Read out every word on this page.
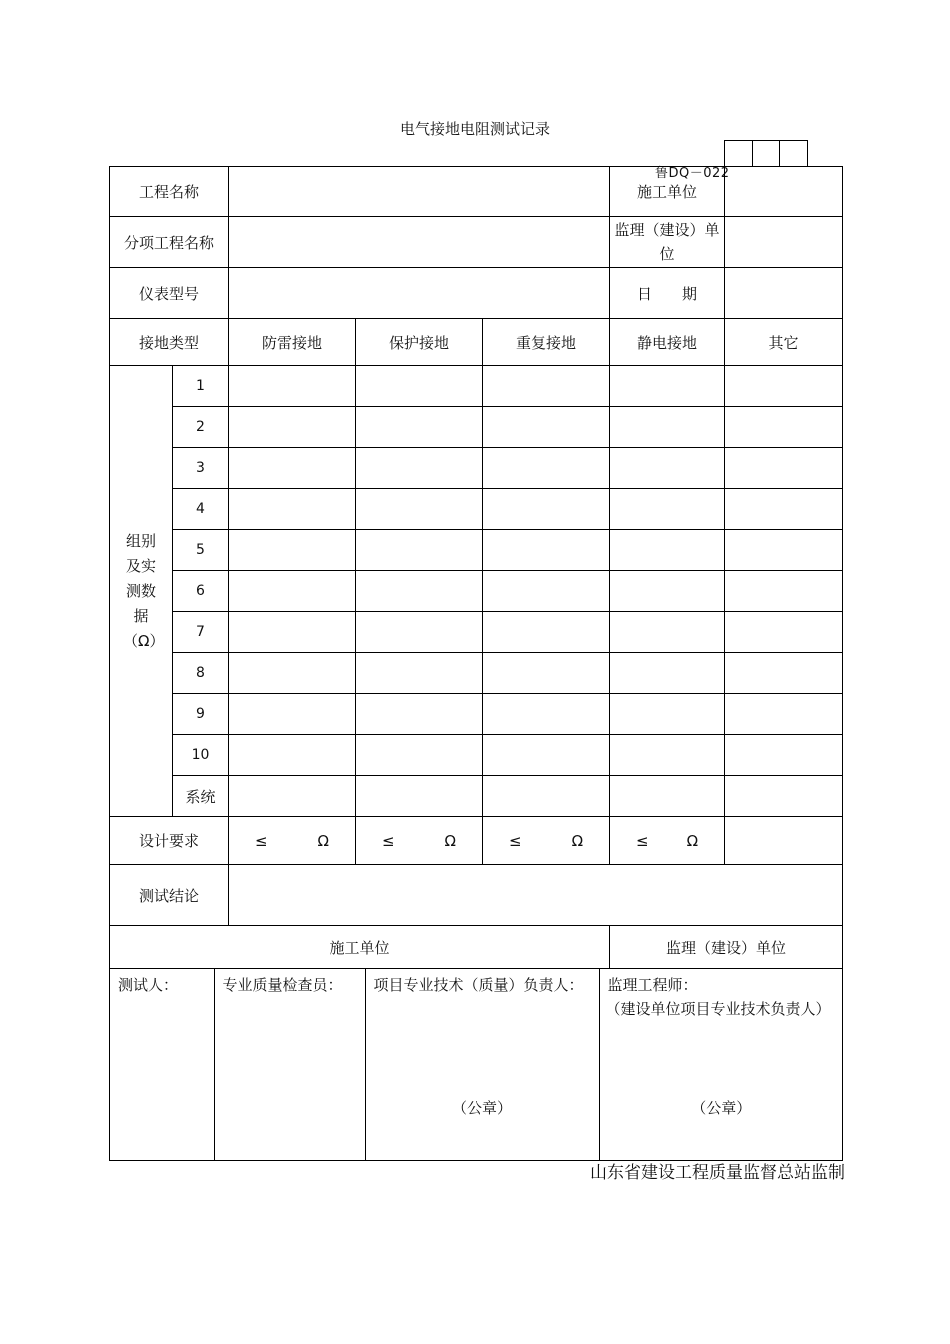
电气接地电阻测试记录
鲁DQ－022
工程名称		施工单位	
分项工程名称		监理（建设）单位	
仪表型号		日　　期	
接地类型	防雷接地	保护接地	重复接地	静电接地	其它
组别及实测数据（Ω）	1					
2					
3					
4					
5					
6					
7					
8					
9					
10					
系统					
设计要求	≤	Ω	≤	Ω	≤	Ω	≤	Ω

测试结论	
施工单位	监理（建设）单位

测试人：	专业质量检查员：	项目专业技术（质量）负责人：
（公章）

监理工程师：
（建设单位项目专业技术负责人）
（公章）
山东省建设工程质量监督总站监制
